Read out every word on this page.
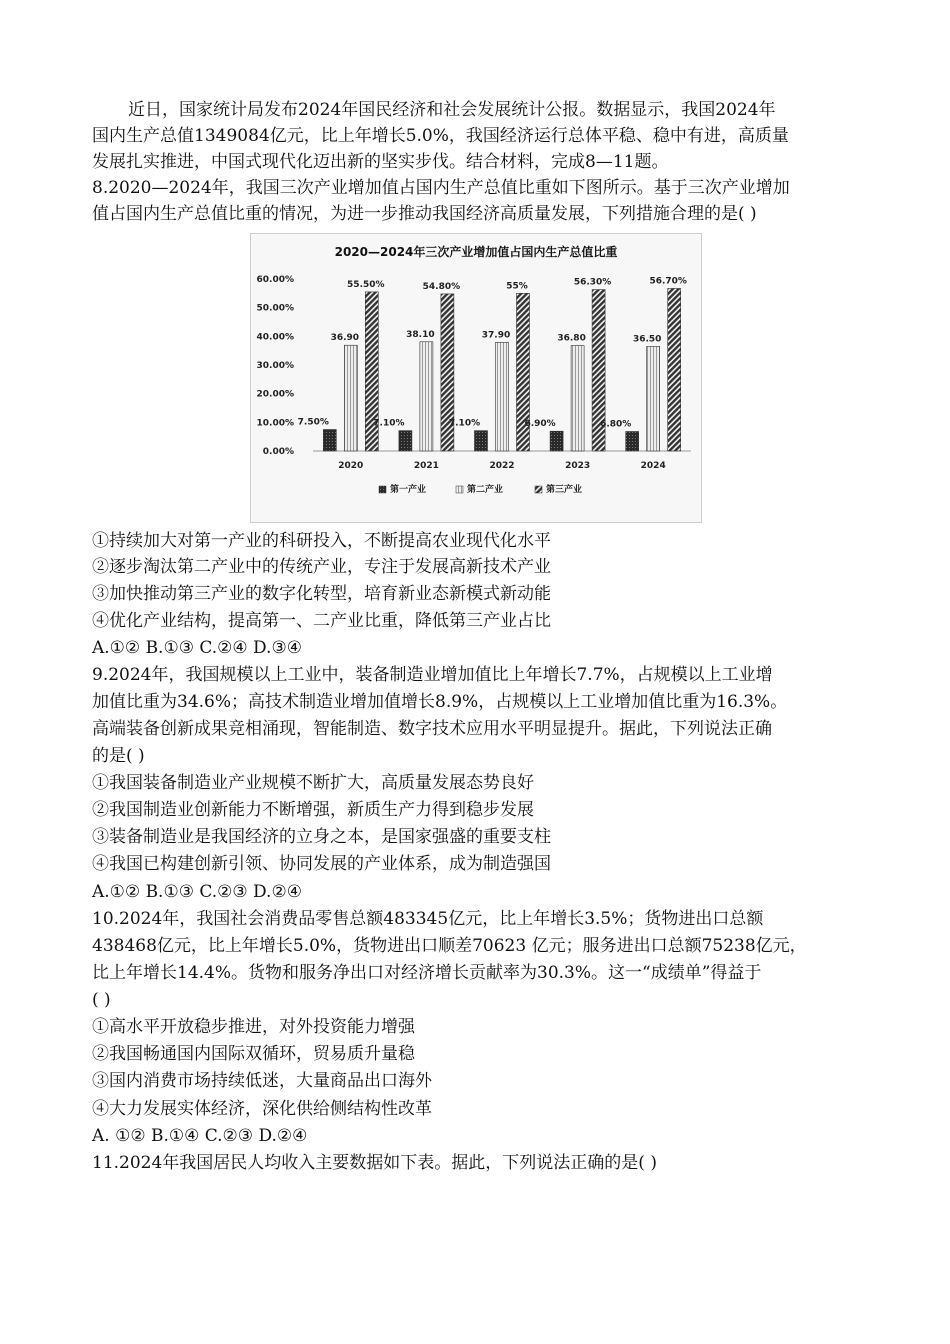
近日，国家统计局发布2024年国民经济和社会发展统计公报。数据显示，我国2024年
国内生产总值1349084亿元，比上年增长5.0%，我国经济运行总体平稳、稳中有进，高质量
发展扎实推进，中国式现代化迈出新的坚实步伐。结合材料，完成8—11题。
8.2020—2024年，我国三次产业增加值占国内生产总值比重如下图所示。基于三次产业增加
值占国内生产总值比重的情况，为进一步推动我国经济高质量发展，下列措施合理的是( )
2020—2024年三次产业增加值占国内生产总值比重
0.00%
10.00%
20.00%
30.00%
40.00%
50.00%
60.00%
2020	2021	2022	2023	2024
7.50%
36.90
55.50%
7.10%
38.10
54.80%
7.10%
37.90
55%
6.90%
36.80
56.30%
6.80%
36.50
56.70%
第一产业	第二产业	第三产业
①持续加大对第一产业的科研投入，不断提高农业现代化水平
②逐步淘汰第二产业中的传统产业，专注于发展高新技术产业
③加快推动第三产业的数字化转型，培育新业态新模式新动能
④优化产业结构，提高第一、二产业比重，降低第三产业占比
A.①② B.①③ C.②④ D.③④
9.2024年，我国规模以上工业中，装备制造业增加值比上年增长7.7%，占规模以上工业增
加值比重为34.6%；高技术制造业增加值增长8.9%，占规模以上工业增加值比重为16.3%。
高端装备创新成果竞相涌现，智能制造、数字技术应用水平明显提升。据此，下列说法正确
的是( )
①我国装备制造业产业规模不断扩大，高质量发展态势良好
②我国制造业创新能力不断增强，新质生产力得到稳步发展
③装备制造业是我国经济的立身之本，是国家强盛的重要支柱
④我国已构建创新引领、协同发展的产业体系，成为制造强国
A.①② B.①③ C.②③ D.②④
10.2024年，我国社会消费品零售总额483345亿元，比上年增长3.5%；货物进出口总额
438468亿元，比上年增长5.0%，货物进出口顺差70623 亿元；服务进出口总额75238亿元，
比上年增长14.4%。货物和服务净出口对经济增长贡献率为30.3%。这一“成绩单”得益于
( )
①高水平开放稳步推进，对外投资能力增强
②我国畅通国内国际双循环，贸易质升量稳
③国内消费市场持续低迷，大量商品出口海外
④大力发展实体经济，深化供给侧结构性改革
A. ①② B.①④ C.②③ D.②④
11.2024年我国居民人均收入主要数据如下表。据此，下列说法正确的是( )
